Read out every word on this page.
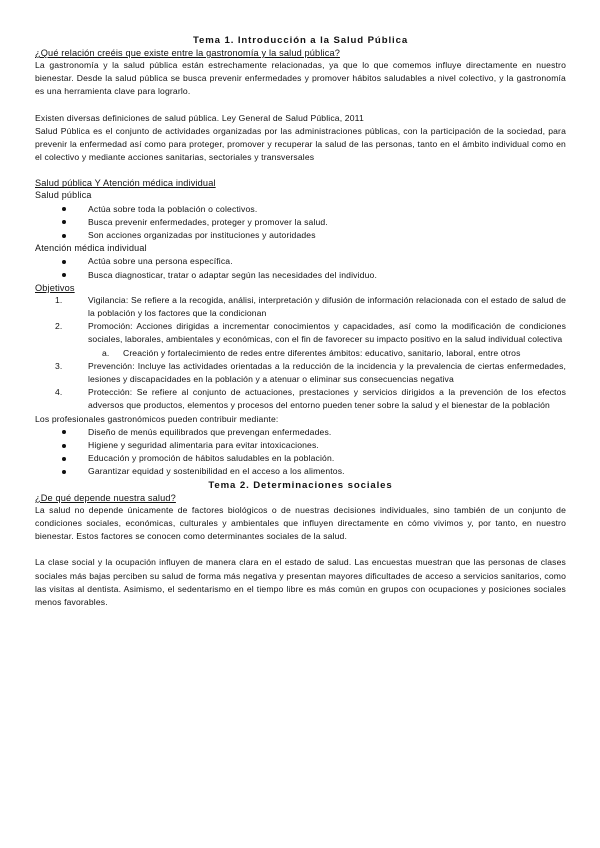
Tema 1. Introducción a la Salud Pública

¿Qué relación creéis que existe entre la gastronomía y la salud pública?

La gastronomía y la salud pública están estrechamente relacionadas, ya que lo que comemos influye directamente en nuestro bienestar. Desde la salud pública se busca prevenir enfermedades y promover hábitos saludables a nivel colectivo, y la gastronomía es una herramienta clave para lograrlo.

Existen diversas definiciones de salud pública. Ley General de Salud Pública, 2011

Salud Pública es el conjunto de actividades organizadas por las administraciones públicas, con la participación de la sociedad, para prevenir la enfermedad así como para proteger, promover y recuperar la salud de las personas, tanto en el ámbito individual como en el colectivo y mediante acciones sanitarias, sectoriales y transversales

Salud pública Y Atención médica individual

Salud pública

Actúa sobre toda la población o colectivos.
Busca prevenir enfermedades, proteger y promover la salud.
Son acciones organizadas por instituciones y autoridades

Atención médica individual

Actúa sobre una persona específica.
Busca diagnosticar, tratar o adaptar según las necesidades del individuo.

Objetivos

1.	Vigilancia: Se refiere a la recogida, análisi, interpretación y difusión de información relacionada con el estado de salud de la población y los factores que la condicionan
2.	Promoción: Acciones dirigidas a incrementar conocimientos y capacidades, así como la modificación de condiciones sociales, laborales, ambientales y económicas, con el fin de favorecer su impacto positivo en la salud individual colectiva
a. Creación y fortalecimiento de redes entre diferentes ámbitos: educativo, sanitario, laboral, entre otros
3.	Prevención: Incluye las actividades orientadas a la reducción de la incidencia y la prevalencia de ciertas enfermedades, lesiones y discapacidades en la población y a atenuar o eliminar sus consecuencias negativa
4.	Protección: Se refiere al conjunto de actuaciones, prestaciones y servicios dirigidos a la prevención de los efectos adversos que productos, elementos y procesos del entorno pueden tener sobre la salud y el bienestar de la población

Los profesionales gastronómicos pueden contribuir mediante:

Diseño de menús equilibrados que prevengan enfermedades.
Higiene y seguridad alimentaria para evitar intoxicaciones.
Educación y promoción de hábitos saludables en la población.
Garantizar equidad y sostenibilidad en el acceso a los alimentos.
Tema 2. Determinaciones sociales

¿De qué depende nuestra salud?

La salud no depende únicamente de factores biológicos o de nuestras decisiones individuales, sino también de un conjunto de condiciones sociales, económicas, culturales y ambientales que influyen directamente en cómo vivimos y, por tanto, en nuestro bienestar. Estos factores se conocen como determinantes sociales de la salud.

La clase social y la ocupación influyen de manera clara en el estado de salud. Las encuestas muestran que las personas de clases sociales más bajas perciben su salud de forma más negativa y presentan mayores dificultades de acceso a servicios sanitarios, como las visitas al dentista. Asimismo, el sedentarismo en el tiempo libre es más común en grupos con ocupaciones y posiciones sociales menos favorables.
